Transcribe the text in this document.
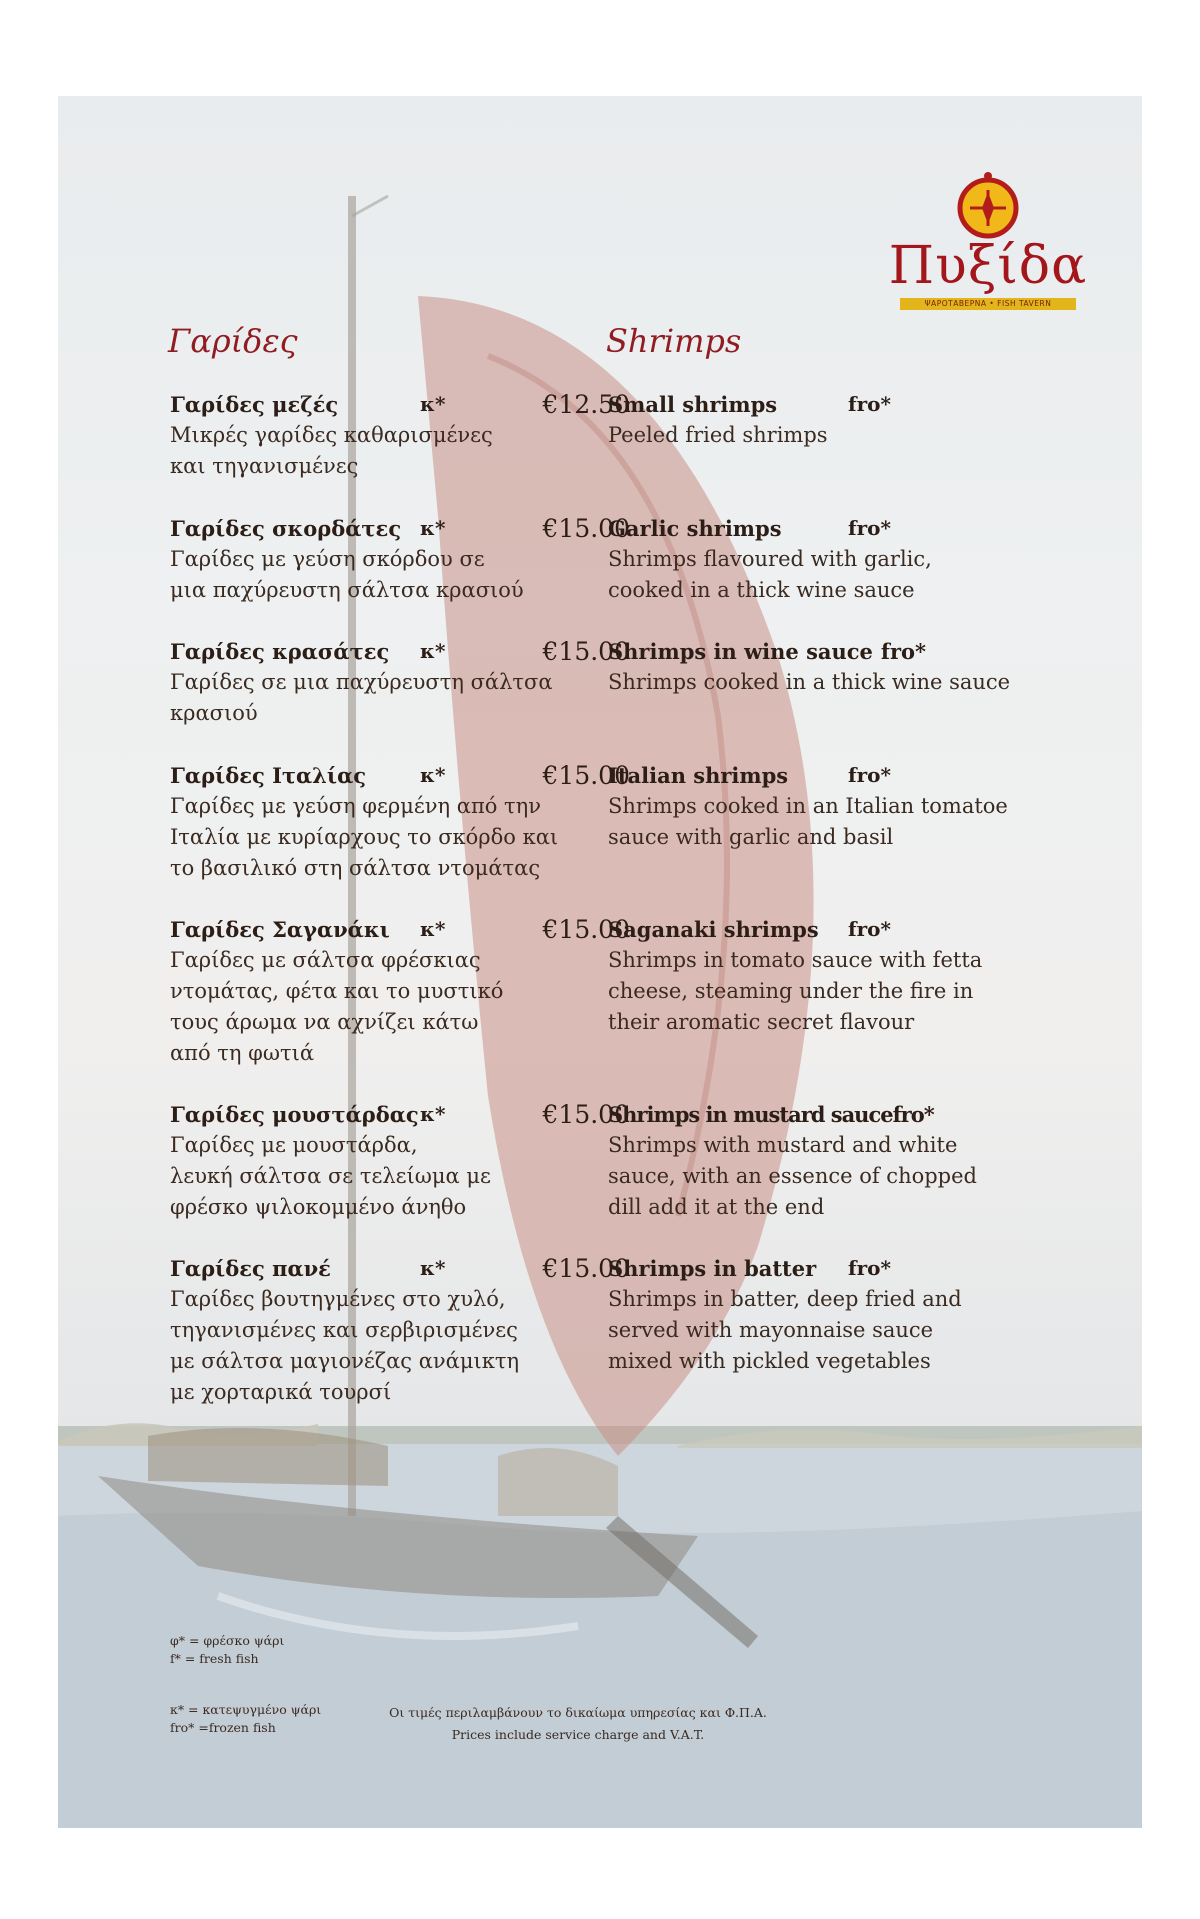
Πυξίδα
ΨΑΡΟΤΑΒΕΡΝΑ • FISH TAVERN
Γαρίδες	Shrimps
Γαρίδες μεζές
Μικρές γαρίδες καθαρισμένες
και τηγανισμένες
κ*	€12.50
Γαρίδες σκορδάτες
Γαρίδες με γεύση σκόρδου σε
μια παχύρευστη σάλτσα κρασιού
κ*	€15.00
Γαρίδες κρασάτες
Γαρίδες σε μια παχύρευστη σάλτσα
κρασιού
κ*	€15.00
Γαρίδες Ιταλίας
Γαρίδες με γεύση φερμένη από την
Ιταλία με κυρίαρχους το σκόρδο και
το βασιλικό στη σάλτσα ντομάτας
κ*	€15.00
Γαρίδες Σαγανάκι
Γαρίδες με σάλτσα φρέσκιας
ντομάτας, φέτα και το μυστικό
τους άρωμα να αχνίζει κάτω
από τη φωτιά
κ*	€15.00
Γαρίδες μουστάρδας
Γαρίδες με μουστάρδα,
λευκή σάλτσα σε τελείωμα με
φρέσκο ψιλοκομμένο άνηθο
κ*	€15.00
Γαρίδες πανέ
Γαρίδες βουτηγμένες στο χυλό,
τηγανισμένες και σερβιρισμένες
με σάλτσα μαγιονέζας ανάμικτη
με χορταρικά τουρσί
κ*	€15.00
Small shrimps
Peeled fried shrimps
fro*
Garlic shrimps
Shrimps flavoured with garlic,
cooked in a thick wine sauce
fro*
Shrimps in wine sauce fro*
Shrimps cooked in a thick wine sauce
Italian shrimps
Shrimps cooked in an Italian tomatoe
sauce with garlic and basil
fro*
Saganaki shrimps
Shrimps in tomato sauce with fetta
cheese, steaming under the fire in
their aromatic secret flavour
fro*
Shrimps in mustard saucefro*
Shrimps with mustard and white
sauce, with an essence of chopped
dill add it at the end
Shrimps in batter
Shrimps in batter, deep fried and
served with mayonnaise sauce
mixed with pickled vegetables
fro*
φ* = φρέσκο ψάρι
f* = fresh fish
κ* = κατεψυγμένο ψάρι
fro* =frozen fish
Οι τιμές περιλαμβάνουν το δικαίωμα υπηρεσίας και Φ.Π.Α.
Prices include service charge and V.A.T.
